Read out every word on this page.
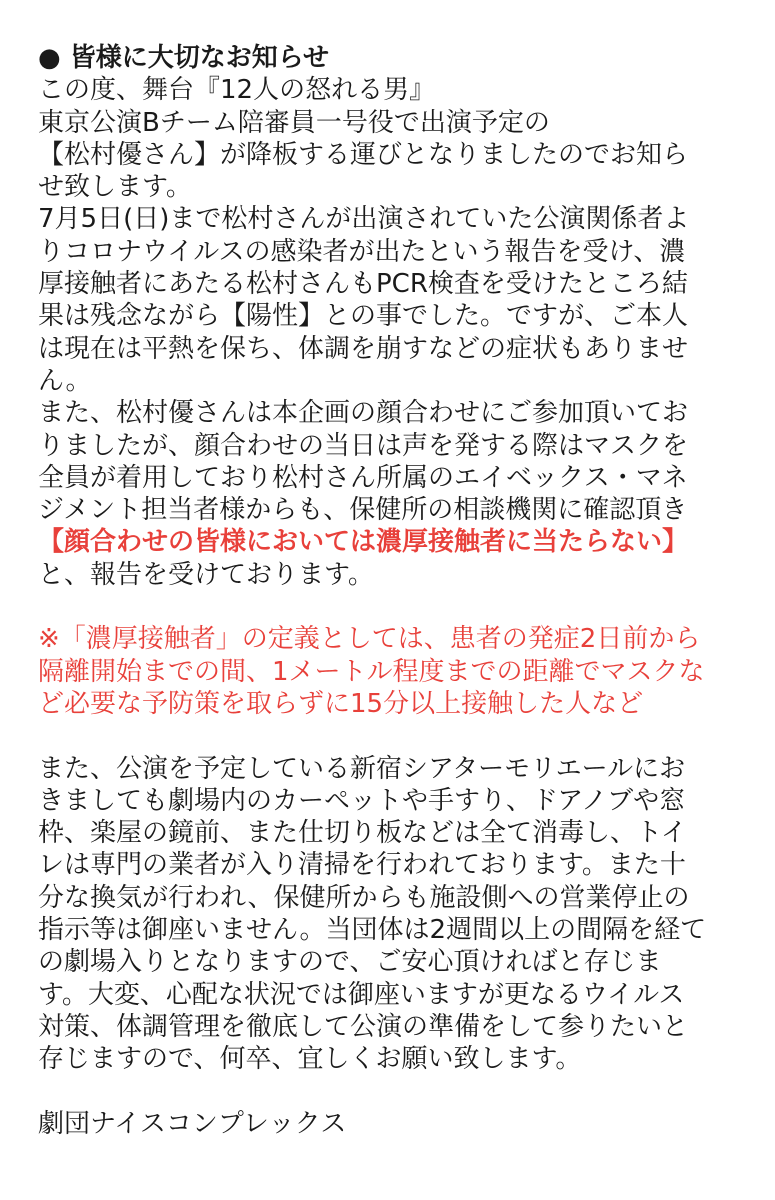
● 皆様に大切なお知らせ
この度、舞台『12人の怒れる男』
東京公演Bチーム陪審員一号役で出演予定の
【松村優さん】が降板する運びとなりましたのでお知ら
せ致します。
7月5日(日)まで松村さんが出演されていた公演関係者よ
りコロナウイルスの感染者が出たという報告を受け、濃
厚接触者にあたる松村さんもPCR検査を受けたところ結
果は残念ながら【陽性】との事でした。ですが、ご本人
は現在は平熱を保ち、体調を崩すなどの症状もありませ
ん。
また、松村優さんは本企画の顔合わせにご参加頂いてお
りましたが、顔合わせの当日は声を発する際はマスクを
全員が着用しており松村さん所属のエイベックス・マネ
ジメント担当者様からも、保健所の相談機関に確認頂き
【顔合わせの皆様においては濃厚接触者に当たらない】
と、報告を受けております。
※「濃厚接触者」の定義としては、患者の発症2日前から
隔離開始までの間、1メートル程度までの距離でマスクな
ど必要な予防策を取らずに15分以上接触した人など
また、公演を予定している新宿シアターモリエールにお
きましても劇場内のカーペットや手すり、ドアノブや窓
枠、楽屋の鏡前、また仕切り板などは全て消毒し、トイ
レは専門の業者が入り清掃を行われております。また十
分な換気が行われ、保健所からも施設側への営業停止の
指示等は御座いません。当団体は2週間以上の間隔を経て
の劇場入りとなりますので、ご安心頂ければと存じま
す。大変、心配な状況では御座いますが更なるウイルス
対策、体調管理を徹底して公演の準備をして参りたいと
存じますので、何卒、宜しくお願い致します。
劇団ナイスコンプレックス
